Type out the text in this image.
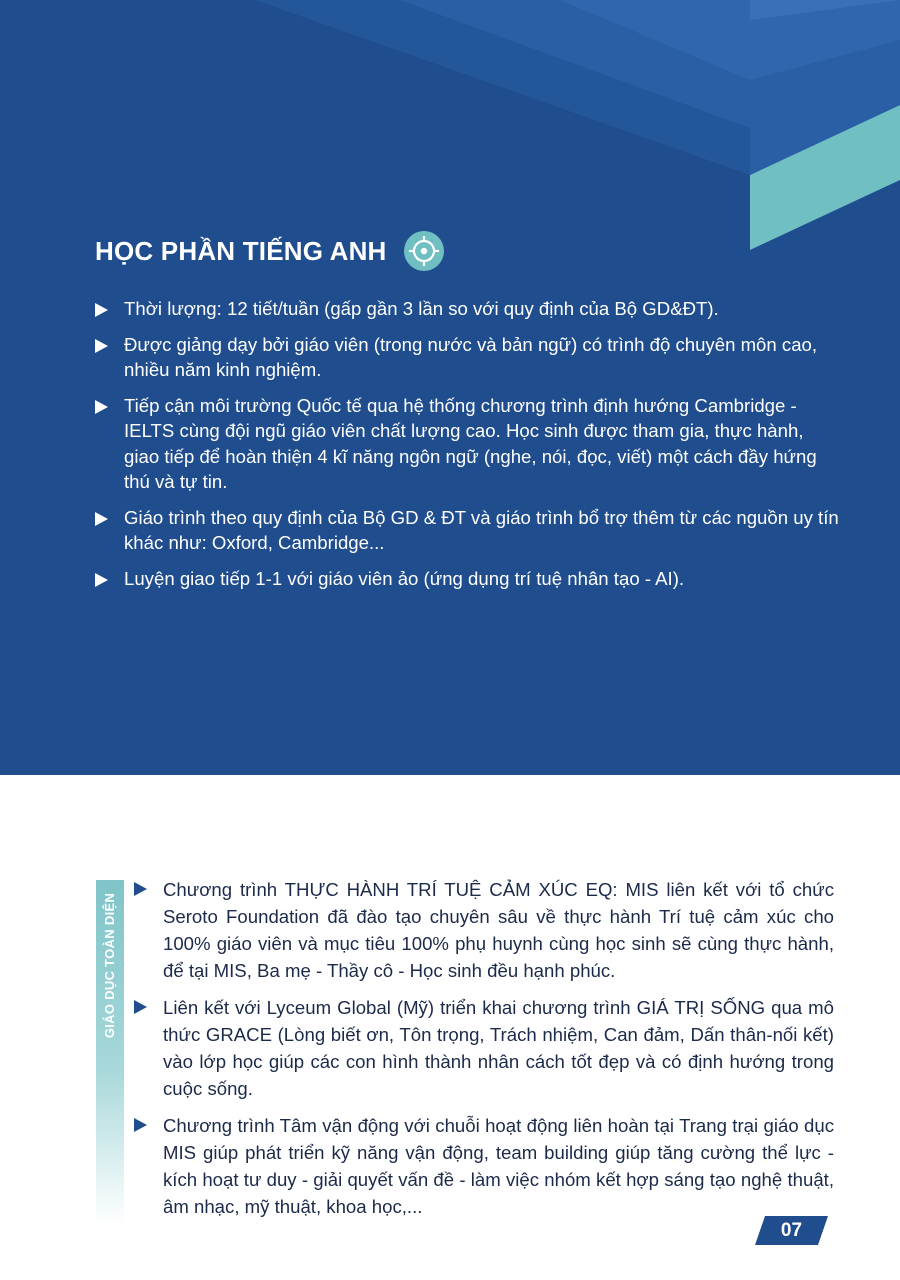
HỌC PHẦN TIẾNG ANH
Thời lượng: 12 tiết/tuần (gấp gần 3 lần so với quy định của Bộ GD&ĐT).
Được giảng dạy bởi giáo viên (trong nước và bản ngữ) có trình độ chuyên môn cao, nhiều năm kinh nghiệm.
Tiếp cận môi trường Quốc tế qua hệ thống chương trình định hướng Cambridge - IELTS cùng đội ngũ giáo viên chất lượng cao. Học sinh được tham gia, thực hành, giao tiếp để hoàn thiện 4 kĩ năng ngôn ngữ (nghe, nói, đọc, viết) một cách đầy hứng thú và tự tin.
Giáo trình theo quy định của Bộ GD & ĐT và giáo trình bổ trợ thêm từ các nguồn uy tín khác như: Oxford, Cambridge...
Luyện giao tiếp 1-1 với giáo viên ảo (ứng dụng trí tuệ nhân tạo - AI).
GIÁO DỤC TOÀN DIỆN
Chương trình THỰC HÀNH TRÍ TUỆ CẢM XÚC EQ: MIS liên kết với tổ chức Seroto Foundation đã đào tạo chuyên sâu về thực hành Trí tuệ cảm xúc cho 100% giáo viên và mục tiêu 100% phụ huynh cùng học sinh sẽ cùng thực hành, để tại MIS, Ba mẹ - Thầy cô - Học sinh đều hạnh phúc.
Liên kết với Lyceum Global (Mỹ) triển khai chương trình GIÁ TRỊ SỐNG qua mô thức GRACE (Lòng biết ơn, Tôn trọng, Trách nhiệm, Can đảm, Dấn thân-nối kết) vào lớp học giúp các con hình thành nhân cách tốt đẹp và có định hướng trong cuộc sống.
Chương trình Tâm vận động với chuỗi hoạt động liên hoàn tại Trang trại giáo dục MIS giúp phát triển kỹ năng vận động, team building giúp tăng cường thể lực - kích hoạt tư duy - giải quyết vấn đề - làm việc nhóm kết hợp sáng tạo nghệ thuật, âm nhạc, mỹ thuật, khoa học,...
07
